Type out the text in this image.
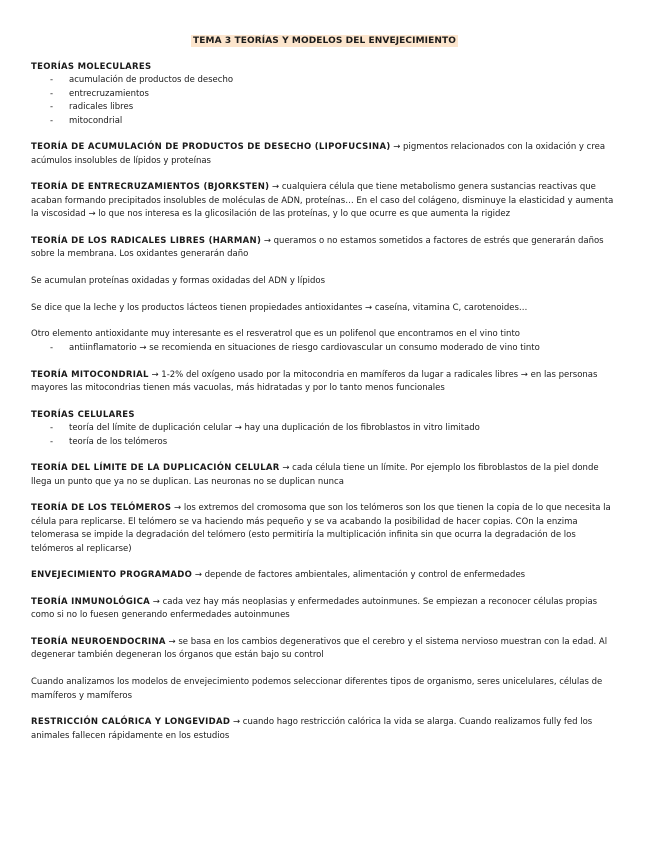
TEMA 3 TEORÍAS Y MODELOS DEL ENVEJECIMIENTO
TEORÍAS MOLECULARES
- acumulación de productos de desecho
- entrecruzamientos
- radicales libres
- mitocondrial

TEORÍA DE ACUMULACIÓN DE PRODUCTOS DE DESECHO (LIPOFUCSINA) → pigmentos relacionados con la oxidación y crea acúmulos insolubles de lípidos y proteínas

TEORÍA DE ENTRECRUZAMIENTOS (BJORKSTEN) → cualquiera célula que tiene metabolismo genera sustancias reactivas que acaban formando precipitados insolubles de moléculas de ADN, proteínas… En el caso del colágeno, disminuye la elasticidad y aumenta la viscosidad → lo que nos interesa es la glicosilación de las proteínas, y lo que ocurre es que aumenta la rigidez

TEORÍA DE LOS RADICALES LIBRES (HARMAN) → queramos o no estamos sometidos a factores de estrés que generarán daños sobre la membrana. Los oxidantes generarán daño

Se acumulan proteínas oxidadas y formas oxidadas del ADN y lípidos

Se dice que la leche y los productos lácteos tienen propiedades antioxidantes → caseína, vitamina C, carotenoides…

Otro elemento antioxidante muy interesante es el resveratrol que es un polifenol que encontramos en el vino tinto

- antiinflamatorio → se recomienda en situaciones de riesgo cardiovascular un consumo moderado de vino tinto

TEORÍA MITOCONDRIAL → 1-2% del oxígeno usado por la mitocondria en mamíferos da lugar a radicales libres → en las personas mayores las mitocondrias tienen más vacuolas, más hidratadas y por lo tanto menos funcionales

TEORÍAS CELULARES
- teoría del límite de duplicación celular → hay una duplicación de los fibroblastos in vitro limitado
- teoría de los telómeros

TEORÍA DEL LÍMITE DE LA DUPLICACIÓN CELULAR → cada célula tiene un límite. Por ejemplo los fibroblastos de la piel donde llega un punto que ya no se duplican. Las neuronas no se duplican nunca

TEORÍA DE LOS TELÓMEROS → los extremos del cromosoma que son los telómeros son los que tienen la copia de lo que necesita la célula para replicarse. El telómero se va haciendo más pequeño y se va acabando la posibilidad de hacer copias. COn la enzima telomerasa se impide la degradación del telómero (esto permitiría la multiplicación infinita sin que ocurra la degradación de los telómeros al replicarse)

ENVEJECIMIENTO PROGRAMADO → depende de factores ambientales, alimentación y control de enfermedades

TEORÍA INMUNOLÓGICA → cada vez hay más neoplasias y enfermedades autoinmunes. Se empiezan a reconocer células propias como si no lo fuesen generando enfermedades autoinmunes

TEORÍA NEUROENDOCRINA → se basa en los cambios degenerativos que el cerebro y el sistema nervioso muestran con la edad. Al degenerar también degeneran los órganos que están bajo su control

Cuando analizamos los modelos de envejecimiento podemos seleccionar diferentes tipos de organismo, seres unicelulares, células de mamíferos y mamíferos

RESTRICCIÓN CALÓRICA Y LONGEVIDAD → cuando hago restricción calórica la vida se alarga. Cuando realizamos fully fed los animales fallecen rápidamente en los estudios
